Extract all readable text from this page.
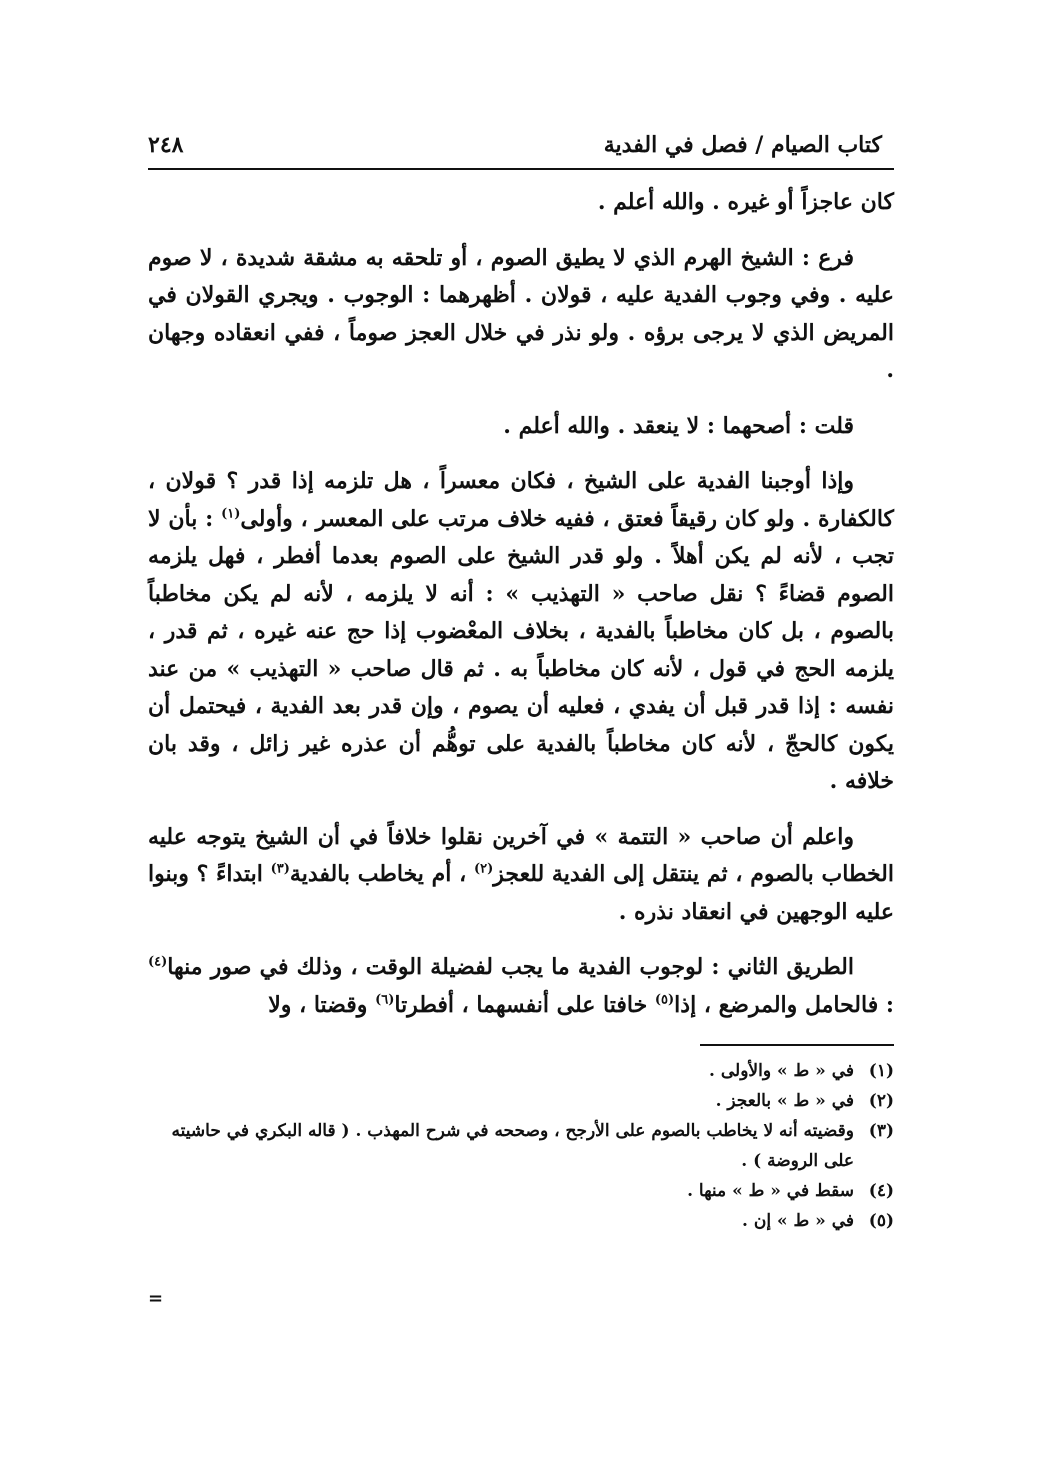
كتاب الصيام / فصل في الفدية
٢٤٨

كان عاجزاً أو غيره . والله أعلم .

فرع : الشيخ الهرم الذي لا يطيق الصوم ، أو تلحقه به مشقة شديدة ، لا صوم عليه . وفي وجوب الفدية عليه ، قولان . أظهرهما : الوجوب . ويجري القولان في المريض الذي لا يرجى برؤه . ولو نذر في خلال العجز صوماً ، ففي انعقاده وجهان .

قلت : أصحهما : لا ينعقد . والله أعلم .

وإذا أوجبنا الفدية على الشيخ ، فكان معسراً ، هل تلزمه إذا قدر ؟ قولان ، كالكفارة . ولو كان رقيقاً فعتق ، ففيه خلاف مرتب على المعسر ، وأولى$^{(١)}$ : بأن لا تجب ، لأنه لم يكن أهلاً . ولو قدر الشيخ على الصوم بعدما أفطر ، فهل يلزمه الصوم قضاءً ؟ نقل صاحب « التهذيب » : أنه لا يلزمه ، لأنه لم يكن مخاطباً بالصوم ، بل كان مخاطباً بالفدية ، بخلاف المعْضوب إذا حج عنه غيره ، ثم قدر ، يلزمه الحج في قول ، لأنه كان مخاطباً به . ثم قال صاحب « التهذيب » من عند نفسه : إذا قدر قبل أن يفدي ، فعليه أن يصوم ، وإن قدر بعد الفدية ، فيحتمل أن يكون كالحجّ ، لأنه كان مخاطباً بالفدية على توهُّم أن عذره غير زائل ، وقد بان خلافه .

واعلم أن صاحب « التتمة » في آخرين نقلوا خلافاً في أن الشيخ يتوجه عليه الخطاب بالصوم ، ثم ينتقل إلى الفدية للعجز$^{(٢)}$ ، أم يخاطب بالفدية$^{(٣)}$ ابتداءً ؟ وبنوا عليه الوجهين في انعقاد نذره .

الطريق الثاني : لوجوب الفدية ما يجب لفضيلة الوقت ، وذلك في صور منها$^{(٤)}$ : فالحامل والمرضع ، إذا$^{(٥)}$ خافتا على أنفسهما ، أفطرتا$^{(٦)}$ وقضتا ، ولا

(١)في « ط » والأولى .
(٢)في « ط » بالعجز .
(٣)وقضيته أنه لا يخاطب بالصوم على الأرجح ، وصححه في شرح المهذب . ( قاله البكري في حاشيته على الروضة ) .
(٤)سقط في « ط » منها .
(٥)في « ط » إن .
=
